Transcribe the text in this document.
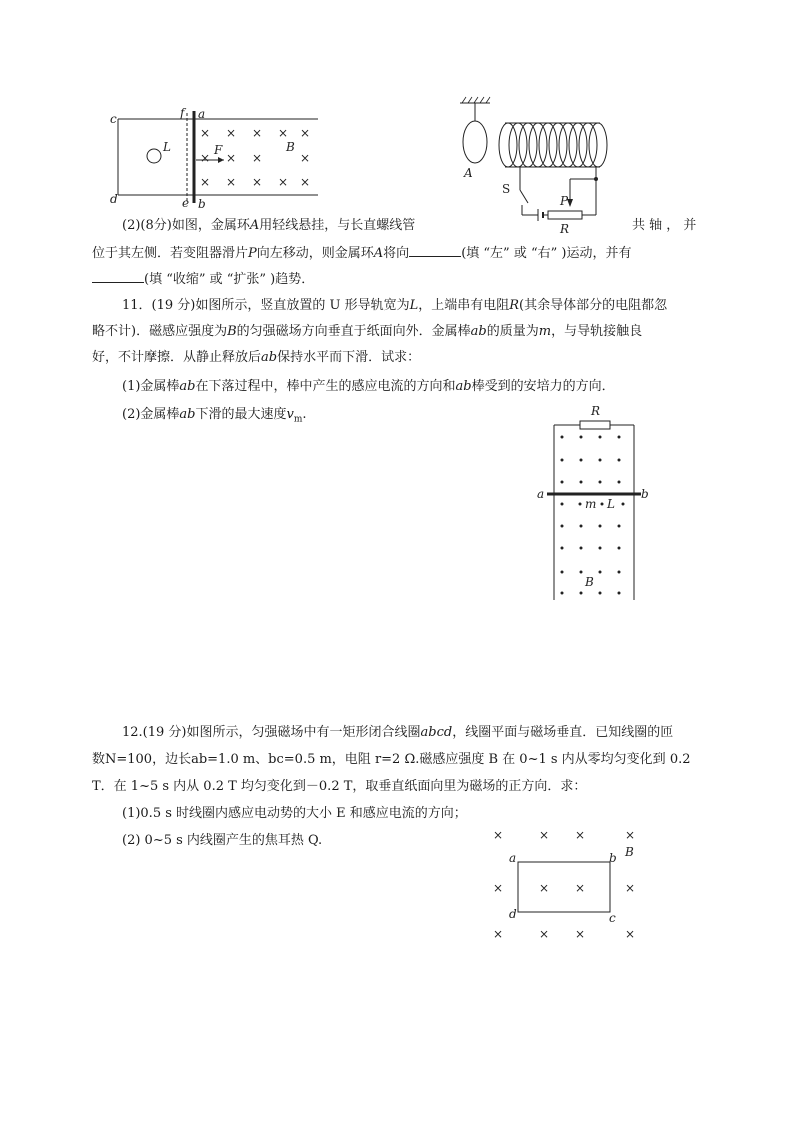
c
d
f
e
a
b
L	F	B
× × × × ×
× × ×	×
× × × × ×
A
P
R
S
(2)(8分)如图，金属环A用轻线悬挂，与长直螺线管	共 轴 ， 并
位于其左侧．若变阻器滑片P向左移动，则金属环A将向	(填 “左” 或 “右” )运动，并有
(填 “收缩” 或 “扩张” )趋势．
11．(19 分)如图所示，竖直放置的 U 形导轨宽为L，上端串有电阻R(其余导体部分的电阻都忽
略不计)．磁感应强度为B的匀强磁场方向垂直于纸面向外．金属棒ab的质量为m，与导轨接触良
好，不计摩擦．从静止释放后ab保持水平而下滑．试求：
(1)金属棒ab在下落过程中，棒中产生的感应电流的方向和ab棒受到的安培力的方向．
(2)金属棒ab下滑的最大速度$v_m$.	R
a	b
m L
B
12.(19 分)如图所示，匀强磁场中有一矩形闭合线圈abcd，线圈平面与磁场垂直．已知线圈的匝
数N=100，边长ab=1.0 m、bc=0.5 m，电阻 r=2 Ω.磁感应强度 B 在 0~1 s 内从零均匀变化到 0.2
T．在 1~5 s 内从 0.2 T 均匀变化到－0.2 T，取垂直纸面向里为磁场的正方向．求：
(1)0.5 s 时线圈内感应电动势的大小 E 和感应电流的方向；
(2) 0~5 s 内线圈产生的焦耳热 Q.	×	× ×	×
×	× ×	×
×	× ×	×
a	b
c
d
B
